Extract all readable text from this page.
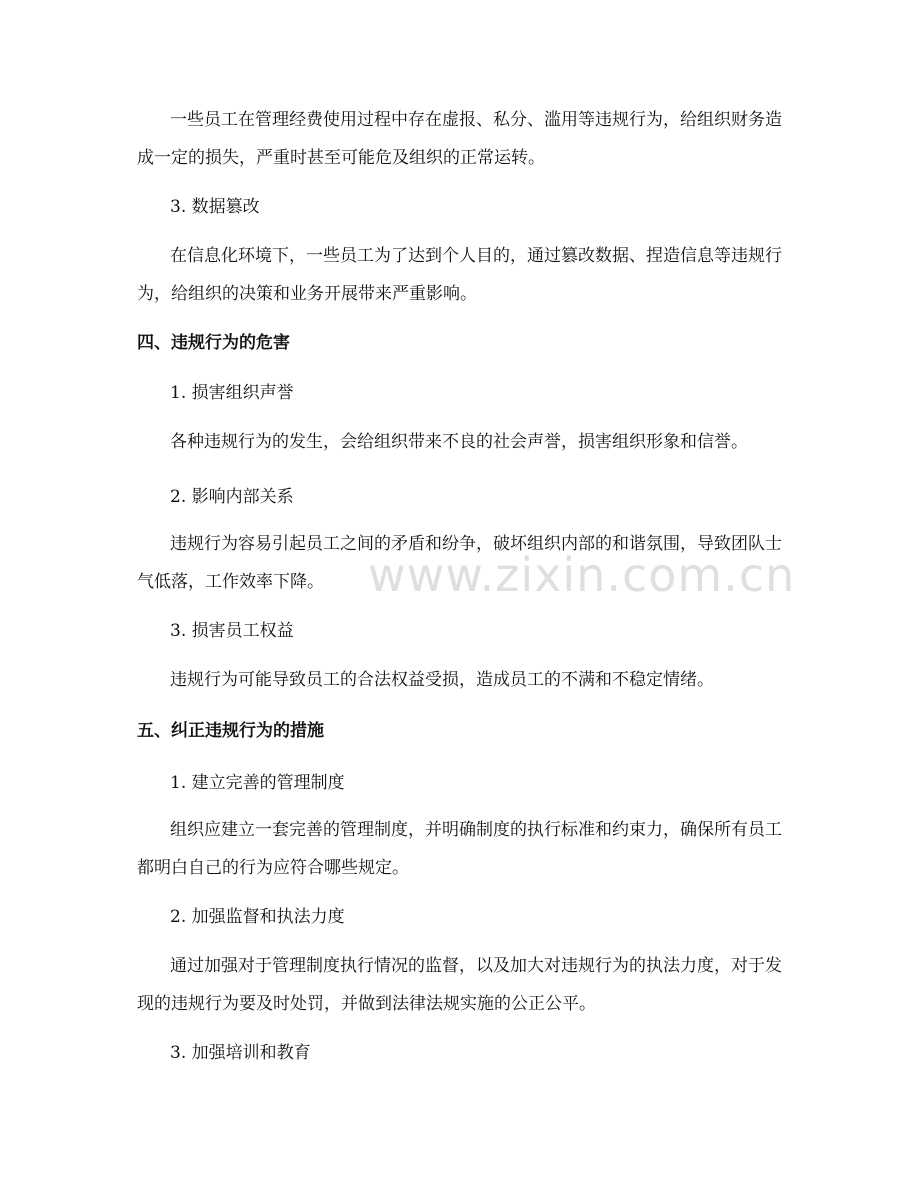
一些员工在管理经费使用过程中存在虚报、私分、滥用等违规行为，给组织财务造成一定的损失，严重时甚至可能危及组织的正常运转。

3. 数据篡改

在信息化环境下，一些员工为了达到个人目的，通过篡改数据、捏造信息等违规行为，给组织的决策和业务开展带来严重影响。

四、违规行为的危害

1. 损害组织声誉

各种违规行为的发生，会给组织带来不良的社会声誉，损害组织形象和信誉。

2. 影响内部关系

违规行为容易引起员工之间的矛盾和纷争，破坏组织内部的和谐氛围，导致团队士气低落，工作效率下降。

3. 损害员工权益

违规行为可能导致员工的合法权益受损，造成员工的不满和不稳定情绪。

五、纠正违规行为的措施

1. 建立完善的管理制度

组织应建立一套完善的管理制度，并明确制度的执行标准和约束力，确保所有员工都明白自己的行为应符合哪些规定。

2. 加强监督和执法力度

通过加强对于管理制度执行情况的监督，以及加大对违规行为的执法力度，对于发现的违规行为要及时处罚，并做到法律法规实施的公正公平。

3. 加强培训和教育

www.zixin.com.cn
